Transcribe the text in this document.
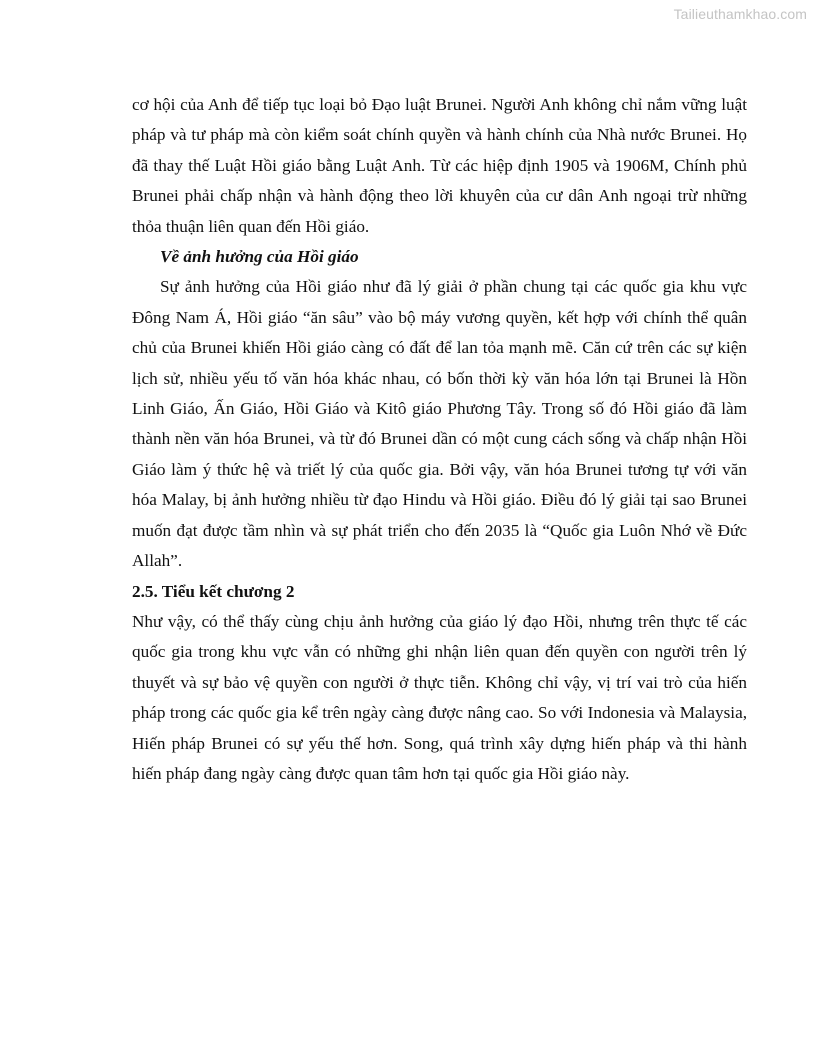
Tailieuthamkhao.com

cơ hội của Anh để tiếp tục loại bỏ Đạo luật Brunei. Người Anh không chỉ nắm vững luật pháp và tư pháp mà còn kiểm soát chính quyền và hành chính của Nhà nước Brunei. Họ đã thay thế Luật Hồi giáo bằng Luật Anh. Từ các hiệp định 1905 và 1906M, Chính phủ Brunei phải chấp nhận và hành động theo lời khuyên của cư dân Anh ngoại trừ những thỏa thuận liên quan đến Hồi giáo.

Về ảnh hưởng của Hồi giáo

Sự ảnh hưởng của Hồi giáo như đã lý giải ở phần chung tại các quốc gia khu vực Đông Nam Á, Hồi giáo “ăn sâu” vào bộ máy vương quyền, kết hợp với chính thể quân chủ của Brunei khiến Hồi giáo càng có đất để lan tỏa mạnh mẽ. Căn cứ trên các sự kiện lịch sử, nhiều yếu tố văn hóa khác nhau, có bốn thời kỳ văn hóa lớn tại Brunei là Hồn Linh Giáo, Ấn Giáo, Hồi Giáo và Kitô giáo Phương Tây. Trong số đó Hồi giáo đã làm thành nền văn hóa Brunei, và từ đó Brunei dần có một cung cách sống và chấp nhận Hồi Giáo làm ý thức hệ và triết lý của quốc gia. Bởi vậy, văn hóa Brunei tương tự với văn hóa Malay, bị ảnh hưởng nhiều từ đạo Hindu và Hồi giáo. Điều đó lý giải tại sao Brunei muốn đạt được tầm nhìn và sự phát triển cho đến 2035 là “Quốc gia Luôn Nhớ về Đức Allah”.

2.5. Tiểu kết chương 2

Như vậy, có thể thấy cùng chịu ảnh hưởng của giáo lý đạo Hồi, nhưng trên thực tế các quốc gia trong khu vực vẫn có những ghi nhận liên quan đến quyền con người trên lý thuyết và sự bảo vệ quyền con người ở thực tiễn. Không chỉ vậy, vị trí vai trò của hiến pháp trong các quốc gia kể trên ngày càng được nâng cao. So với Indonesia và Malaysia, Hiến pháp Brunei có sự yếu thế hơn. Song, quá trình xây dựng hiến pháp và thi hành hiến pháp đang ngày càng được quan tâm hơn tại quốc gia Hồi giáo này.
